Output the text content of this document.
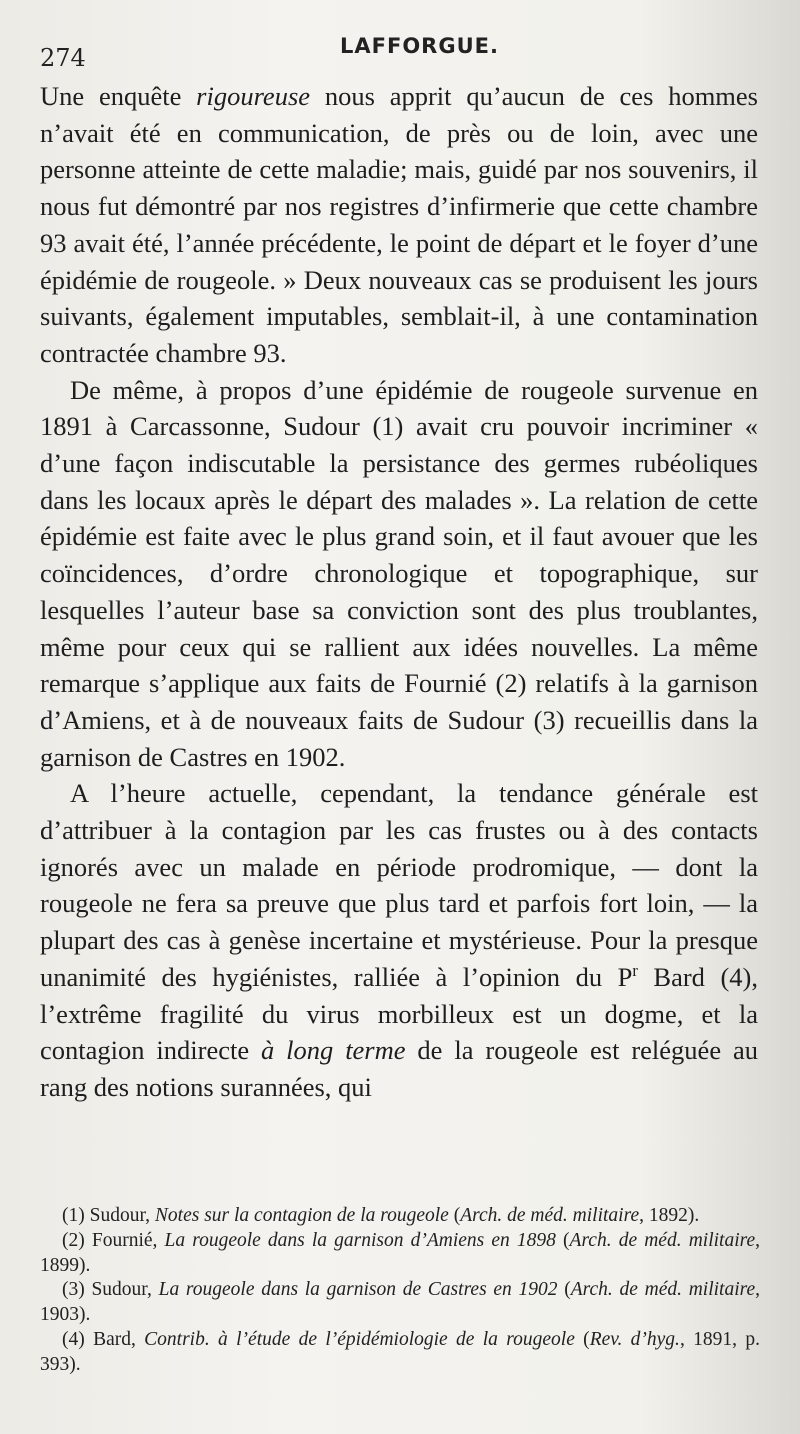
274	LAFFORGUE.

Une enquête rigoureuse nous apprit qu’aucun de ces hommes n’avait été en communication, de près ou de loin, avec une personne atteinte de cette maladie; mais, guidé par nos souvenirs, il nous fut démontré par nos registres d’infirmerie que cette chambre 93 avait été, l’année précédente, le point de départ et le foyer d’une épidémie de rougeole. » Deux nouveaux cas se produisent les jours suivants, également imputables, semblait-il, à une contamination contractée chambre 93.

De même, à propos d’une épidémie de rougeole survenue en 1891 à Carcassonne, Sudour (1) avait cru pouvoir incriminer « d’une façon indiscutable la persistance des germes rubéoliques dans les locaux après le départ des malades ». La relation de cette épidémie est faite avec le plus grand soin, et il faut avouer que les coïncidences, d’ordre chronologique et topographique, sur lesquelles l’auteur base sa conviction sont des plus troublantes, même pour ceux qui se rallient aux idées nouvelles. La même remarque s’applique aux faits de Fournié (2) relatifs à la garnison d’Amiens, et à de nouveaux faits de Sudour (3) recueillis dans la garnison de Castres en 1902.

A l’heure actuelle, cependant, la tendance générale est d’attribuer à la contagion par les cas frustes ou à des contacts ignorés avec un malade en période prodromique, — dont la rougeole ne fera sa preuve que plus tard et parfois fort loin, — la plupart des cas à genèse incertaine et mystérieuse. Pour la presque unanimité des hygiénistes, ralliée à l’opinion du $P^r$ Bard (4), l’extrême fragilité du virus morbilleux est un dogme, et la contagion indirecte à long terme de la rougeole est reléguée au rang des notions surannées, qui

(1) Sudour, Notes sur la contagion de la rougeole (Arch. de méd. militaire, 1892).

(2) Fournié, La rougeole dans la garnison d’Amiens en 1898 (Arch. de méd. militaire, 1899).

(3) Sudour, La rougeole dans la garnison de Castres en 1902 (Arch. de méd. militaire, 1903).

(4) Bard, Contrib. à l’étude de l’épidémiologie de la rougeole (Rev. d’hyg., 1891, p. 393).
